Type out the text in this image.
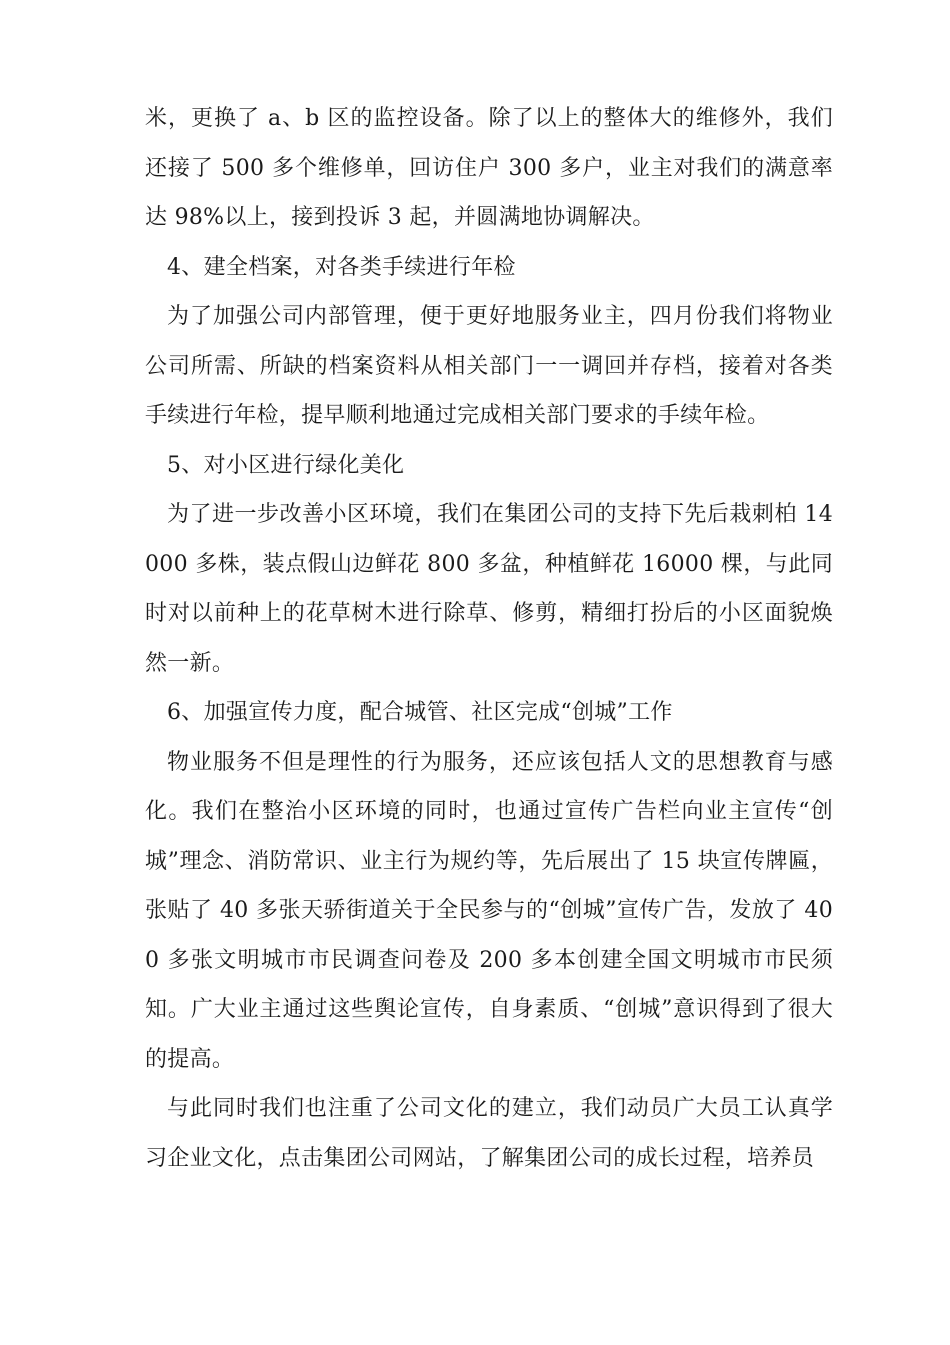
米，更换了 a、b 区的监控设备。除了以上的整体大的维修外，我们还接了 500 多个维修单，回访住户 300 多户，业主对我们的满意率达 98%以上，接到投诉 3 起，并圆满地协调解决。

4、建全档案，对各类手续进行年检

为了加强公司内部管理，便于更好地服务业主，四月份我们将物业公司所需、所缺的档案资料从相关部门一一调回并存档，接着对各类手续进行年检，提早顺利地通过完成相关部门要求的手续年检。

5、对小区进行绿化美化

为了进一步改善小区环境，我们在集团公司的支持下先后栽刺柏 14000 多株，装点假山边鲜花 800 多盆，种植鲜花 16000 棵，与此同时对以前种上的花草树木进行除草、修剪，精细打扮后的小区面貌焕然一新。

6、加强宣传力度，配合城管、社区完成“创城”工作

物业服务不但是理性的行为服务，还应该包括人文的思想教育与感化。我们在整治小区环境的同时，也通过宣传广告栏向业主宣传“创城”理念、消防常识、业主行为规约等，先后展出了 15 块宣传牌匾，张贴了 40 多张天骄街道关于全民参与的“创城”宣传广告，发放了 400 多张文明城市市民调查问卷及 200 多本创建全国文明城市市民须知。广大业主通过这些舆论宣传，自身素质、“创城”意识得到了很大的提高。

与此同时我们也注重了公司文化的建立，我们动员广大员工认真学习企业文化，点击集团公司网站，了解集团公司的成长过程，培养员
